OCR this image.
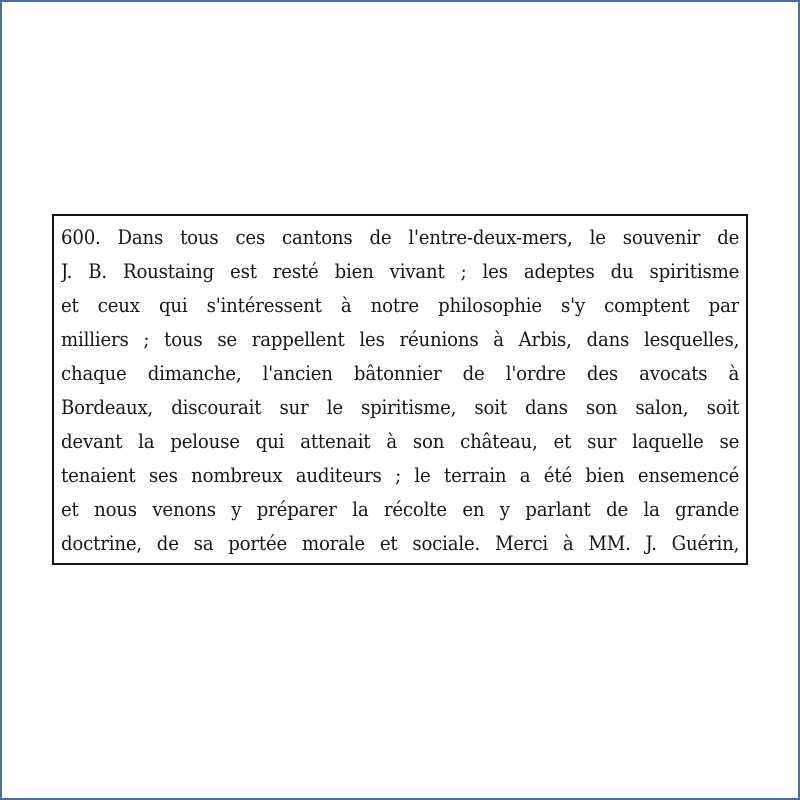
600. Dans tous ces cantons de l'entre-deux-mers, le souvenir de
J. B. Roustaing est resté bien vivant ; les adeptes du spiritisme
et ceux qui s'intéressent à notre philosophie s'y comptent par
milliers ; tous se rappellent les réunions à Arbis, dans lesquelles,
chaque dimanche, l'ancien bâtonnier de l'ordre des avocats à
Bordeaux, discourait sur le spiritisme, soit dans son salon, soit
devant la pelouse qui attenait à son château, et sur laquelle se
tenaient ses nombreux auditeurs ; le terrain a été bien ensemencé
et nous venons y préparer la récolte en y parlant de la grande
doctrine, de sa portée morale et sociale. Merci à MM. J. Guérin,
